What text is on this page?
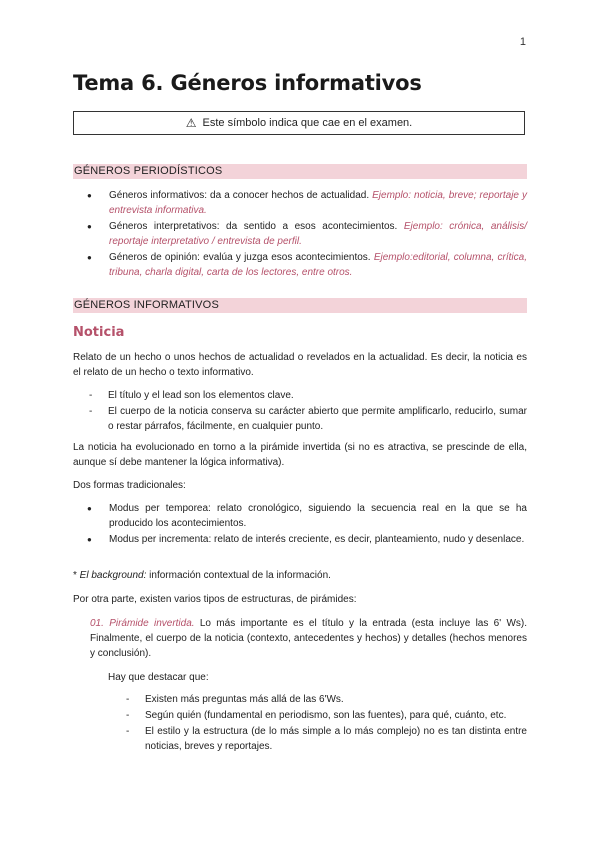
1
Tema 6. Géneros informativos
⚠ Este símbolo indica que cae en el examen.
GÉNEROS PERIODÍSTICOS
● Géneros informativos: da a conocer hechos de actualidad. Ejemplo: noticia, breve; reportaje y entrevista informativa.
● Géneros interpretativos: da sentido a esos acontecimientos. Ejemplo: crónica, análisis/ reportaje interpretativo / entrevista de perfil.
● Géneros de opinión: evalúa y juzga esos acontecimientos. Ejemplo:editorial, columna, crítica, tribuna, charla digital, carta de los lectores, entre otros.
GÉNEROS INFORMATIVOS
Noticia

Relato de un hecho o unos hechos de actualidad o revelados en la actualidad. Es decir, la noticia es el relato de un hecho o texto informativo.

- El título y el lead son los elementos clave.
- El cuerpo de la noticia conserva su carácter abierto que permite amplificarlo, reducirlo, sumar o restar párrafos, fácilmente, en cualquier punto.

La noticia ha evolucionado en torno a la pirámide invertida (si no es atractiva, se prescinde de ella, aunque sí debe mantener la lógica informativa).

Dos formas tradicionales:

● Modus per temporea: relato cronológico, siguiendo la secuencia real en la que se ha producido los acontecimientos.
● Modus per incrementa: relato de interés creciente, es decir, planteamiento, nudo y desenlace.

* El background: información contextual de la información.

Por otra parte, existen varios tipos de estructuras, de pirámides:

01. Pirámide invertida. Lo más importante es el título y la entrada (esta incluye las 6' Ws). Finalmente, el cuerpo de la noticia (contexto, antecedentes y hechos) y detalles (hechos menores y conclusión).

Hay que destacar que:

- Existen más preguntas más allá de las 6'Ws.
- Según quién (fundamental en periodismo, son las fuentes), para qué, cuánto, etc.
- El estilo y la estructura (de lo más simple a lo más complejo) no es tan distinta entre noticias, breves y reportajes.
